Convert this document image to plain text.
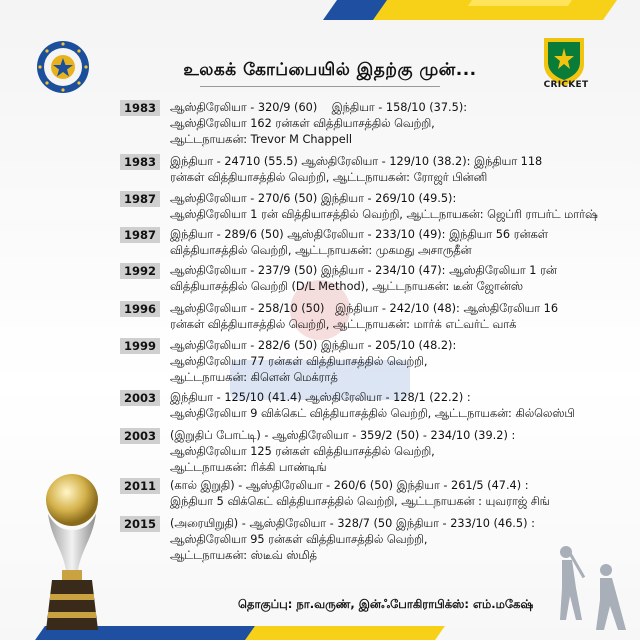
CRICKET
உலகக் கோப்பையில் இதற்கு முன்...
1983	ஆஸ்திரேலியா - 320/9 (60)    இந்தியா - 158/10 (37.5):
ஆஸ்திரேலியா 162 ரன்கள் வித்தியாசத்தில் வெற்றி,
ஆட்டநாயகன்: Trevor M Chappell
1983	இந்தியா - 24710 (55.5) ஆஸ்திரேலியா - 129/10 (38.2): இந்தியா 118
ரன்கள் வித்தியாசத்தில் வெற்றி, ஆட்டநாயகன்: ரோஜர் பின்னி
1987	ஆஸ்திரேலியா - 270/6 (50) இந்தியா - 269/10 (49.5):
ஆஸ்திரேலியா 1 ரன் வித்தியாசத்தில் வெற்றி, ஆட்டநாயகன்: ஜெப்ரி ராபர்ட் மார்ஷ்
1987	இந்தியா - 289/6 (50) ஆஸ்திரேலியா - 233/10 (49): இந்தியா 56 ரன்கள்
வித்தியாசத்தில் வெற்றி, ஆட்டநாயகன்: முகமது அசாருதீன்
1992	ஆஸ்திரேலியா - 237/9 (50) இந்தியா - 234/10 (47): ஆஸ்திரேலியா 1 ரன்
வித்தியாசத்தில் வெற்றி (D/L Method), ஆட்டநாயகன்: டீன் ஜோன்ஸ்
1996	ஆஸ்திரேலியா - 258/10 (50)   இந்தியா - 242/10 (48): ஆஸ்திரேலியா 16
ரன்கள் வித்தியாசத்தில் வெற்றி, ஆட்டநாயகன்: மார்க் எட்வர்ட் வாக்
1999	ஆஸ்திரேலியா - 282/6 (50) இந்தியா - 205/10 (48.2):
ஆஸ்திரேலியா 77 ரன்கள் வித்தியாசத்தில் வெற்றி,
ஆட்டநாயகன்: கிளென் மெக்ராத்
2003	இந்தியா - 125/10 (41.4) ஆஸ்திரேலியா - 128/1 (22.2) :
ஆஸ்திரேலியா 9 விக்கெட் வித்தியாசத்தில் வெற்றி, ஆட்டநாயகன்: கில்லெஸ்பி
2003	(இறுதிப் போட்டி) - ஆஸ்திரேலியா - 359/2 (50) - 234/10 (39.2) :
ஆஸ்திரேலியா 125 ரன்கள் வித்தியாசத்தில் வெற்றி,
ஆட்டநாயகன்: ரிக்கி பாண்டிங்
2011	(கால் இறுதி) - ஆஸ்திரேலியா - 260/6 (50) இந்தியா - 261/5 (47.4) :
இந்தியா 5 விக்கெட் வித்தியாசத்தில் வெற்றி, ஆட்டநாயகன் : யுவராஜ் சிங்
2015	(அரையிறுதி) - ஆஸ்திரேலியா - 328/7 (50 இந்தியா - 233/10 (46.5) :
ஆஸ்திரேலியா 95 ரன்கள் வித்தியாசத்தில் வெற்றி,
ஆட்டநாயகன்: ஸ்டீவ் ஸ்மித்
தொகுப்பு: நா.வருண், இன்ஃபோகிராபிக்ஸ்: எம்.மகேஷ்
